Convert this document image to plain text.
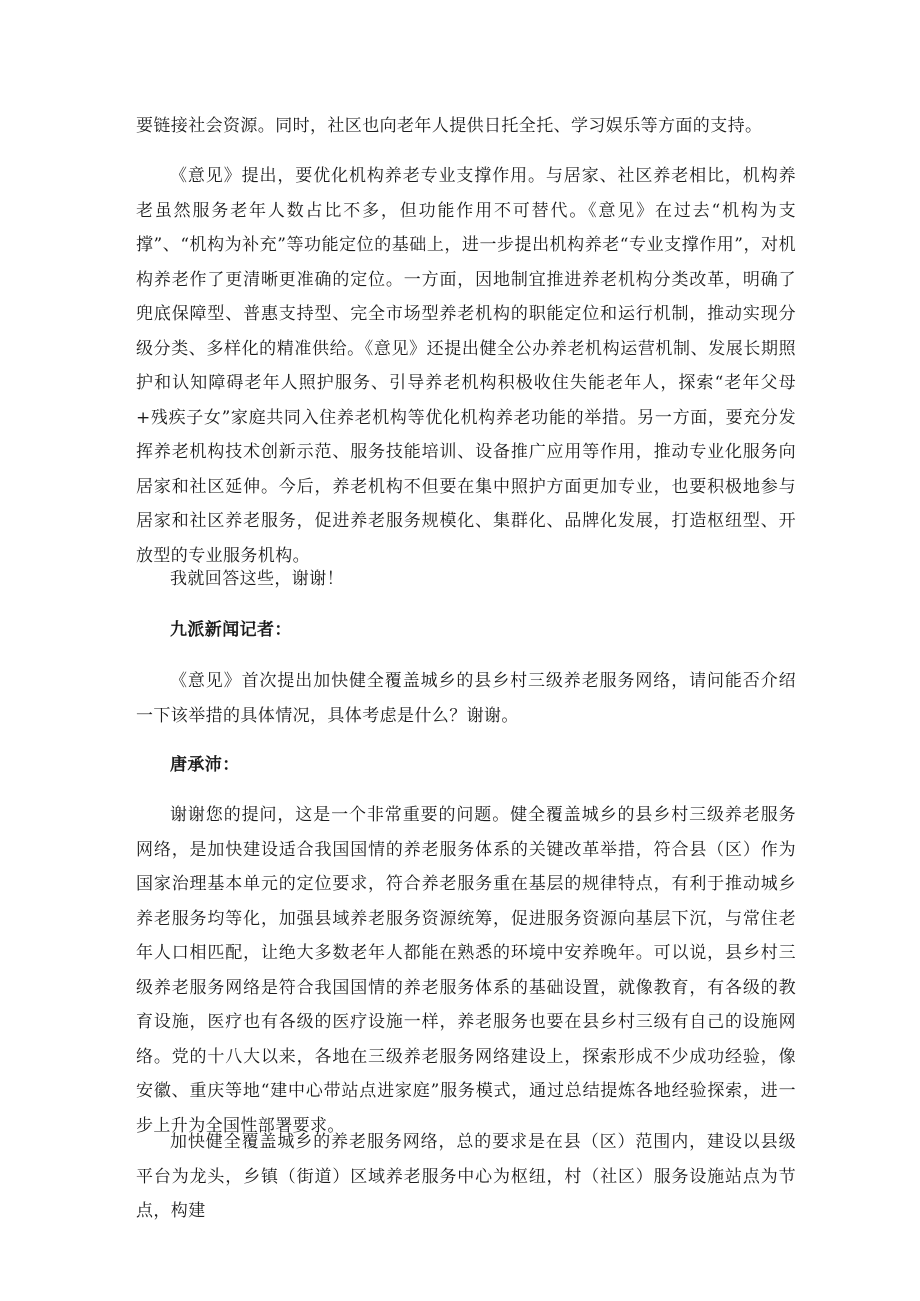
要链接社会资源。同时，社区也向老年人提供日托全托、学习娱乐等方面的支持。

《意见》提出，要优化机构养老专业支撑作用。与居家、社区养老相比，机构养老虽然服务老年人数占比不多，但功能作用不可替代。《意见》在过去“机构为支撑”、“机构为补充”等功能定位的基础上，进一步提出机构养老“专业支撑作用”，对机构养老作了更清晰更准确的定位。一方面，因地制宜推进养老机构分类改革，明确了兜底保障型、普惠支持型、完全市场型养老机构的职能定位和运行机制，推动实现分级分类、多样化的精准供给。《意见》还提出健全公办养老机构运营机制、发展长期照护和认知障碍老年人照护服务、引导养老机构积极收住失能老年人，探索“老年父母+残疾子女”家庭共同入住养老机构等优化机构养老功能的举措。另一方面，要充分发挥养老机构技术创新示范、服务技能培训、设备推广应用等作用，推动专业化服务向居家和社区延伸。今后，养老机构不但要在集中照护方面更加专业，也要积极地参与居家和社区养老服务，促进养老服务规模化、集群化、品牌化发展，打造枢纽型、开放型的专业服务机构。

我就回答这些，谢谢！

九派新闻记者：

《意见》首次提出加快健全覆盖城乡的县乡村三级养老服务网络，请问能否介绍一下该举措的具体情况，具体考虑是什么？谢谢。

唐承沛：

谢谢您的提问，这是一个非常重要的问题。健全覆盖城乡的县乡村三级养老服务网络，是加快建设适合我国国情的养老服务体系的关键改革举措，符合县（区）作为国家治理基本单元的定位要求，符合养老服务重在基层的规律特点，有利于推动城乡养老服务均等化，加强县域养老服务资源统筹，促进服务资源向基层下沉，与常住老年人口相匹配，让绝大多数老年人都能在熟悉的环境中安养晚年。可以说，县乡村三级养老服务网络是符合我国国情的养老服务体系的基础设置，就像教育，有各级的教育设施，医疗也有各级的医疗设施一样，养老服务也要在县乡村三级有自己的设施网络。党的十八大以来，各地在三级养老服务网络建设上，探索形成不少成功经验，像安徽、重庆等地“建中心带站点进家庭”服务模式，通过总结提炼各地经验探索，进一步上升为全国性部署要求。

加快健全覆盖城乡的养老服务网络，总的要求是在县（区）范围内，建设以县级平台为龙头，乡镇（街道）区域养老服务中心为枢纽，村（社区）服务设施站点为节点，构建
